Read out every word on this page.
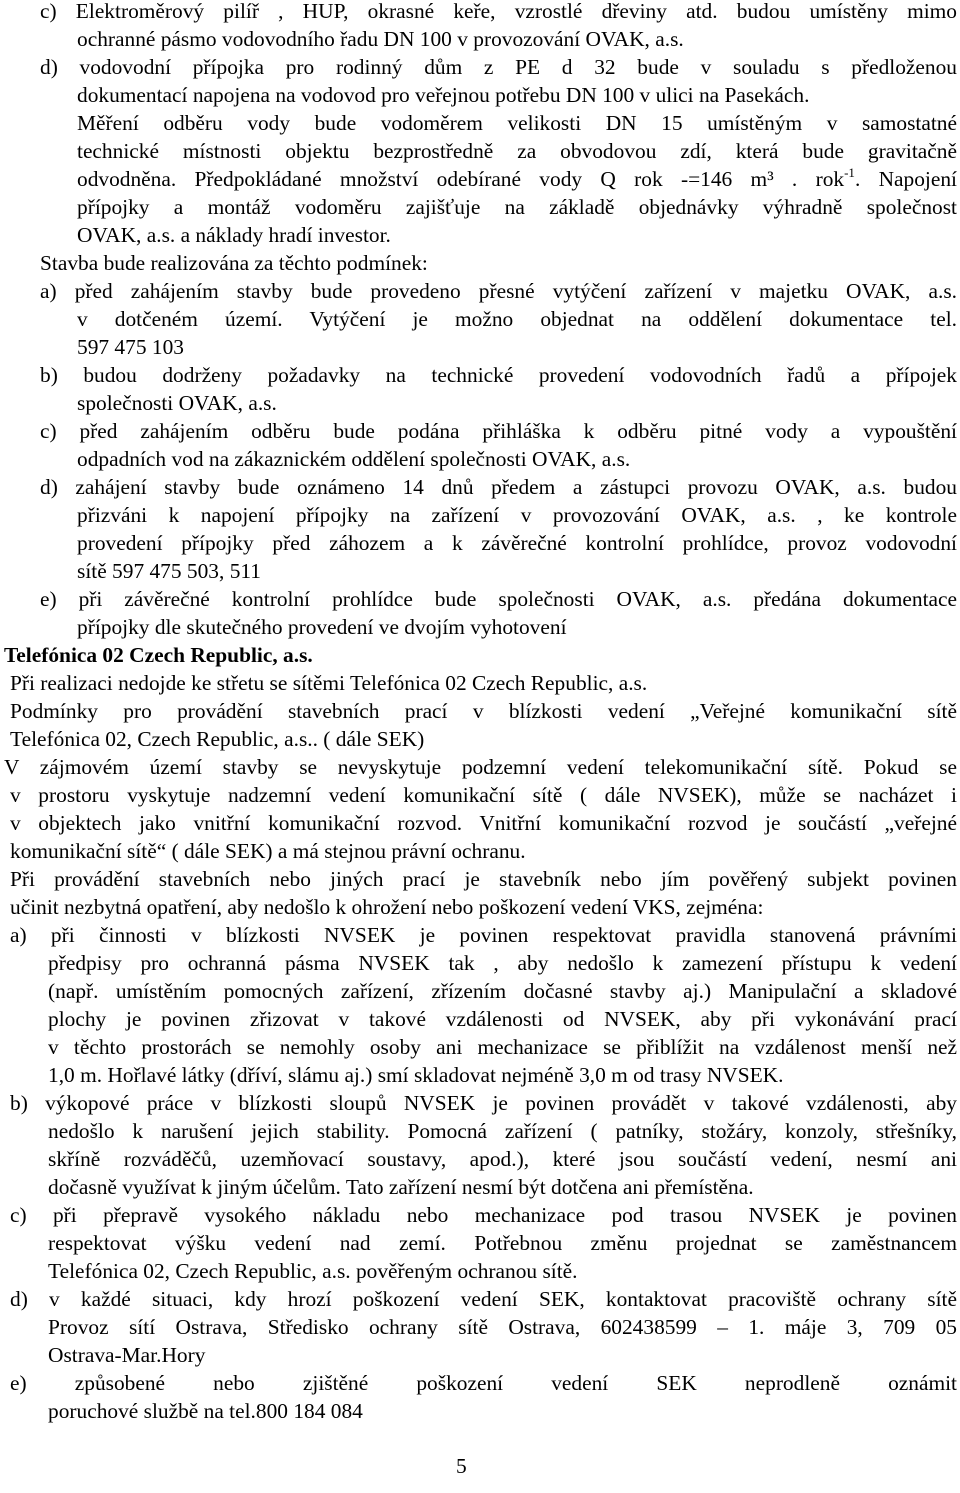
c) Elektroměrový pilíř , HUP, okrasné keře, vzrostlé dřeviny atd. budou umístěny mimo
ochranné pásmo vodovodního řadu DN 100 v provozování OVAK, a.s.
d) vodovodní přípojka pro rodinný dům z PE d 32 bude v souladu s předloženou
dokumentací napojena na vodovod pro veřejnou potřebu DN 100 v ulici na Pasekách.
Měření odběru vody bude vodoměrem velikosti DN 15 umístěným v samostatné
technické místnosti objektu bezprostředně za obvodovou zdí, která bude gravitačně
odvodněna. Předpokládané množství odebírané vody Q rok -=146 m³ . rok$^{-1}$. Napojení
přípojky a montáž vodoměru zajišťuje na základě objednávky výhradně společnost
OVAK, a.s. a náklady hradí investor.
Stavba bude realizována za těchto podmínek:
a) před zahájením stavby bude provedeno přesné vytýčení zařízení v majetku OVAK, a.s.
v dotčeném území. Vytýčení je možno objednat na oddělení dokumentace tel.
597 475 103
b) budou dodrženy požadavky na technické provedení vodovodních řadů a přípojek
společnosti OVAK, a.s.
c) před zahájením odběru bude podána přihláška k odběru pitné vody a vypouštění
odpadních vod na zákaznickém oddělení společnosti OVAK, a.s.
d) zahájení stavby bude oznámeno 14 dnů předem a zástupci provozu OVAK, a.s. budou
přizváni k napojení přípojky na zařízení v provozování OVAK, a.s. , ke kontrole
provedení přípojky před záhozem a k závěrečné kontrolní prohlídce, provoz vodovodní
sítě 597 475 503, 511
e) při závěrečné kontrolní prohlídce bude společnosti OVAK, a.s. předána dokumentace
přípojky dle skutečného provedení ve dvojím vyhotovení
Telefónica 02 Czech Republic, a.s.
Při realizaci nedojde ke střetu se sítěmi Telefónica 02 Czech Republic, a.s.
Podmínky pro provádění stavebních prací v blízkosti vedení „Veřejné komunikační sítě
Telefónica 02, Czech Republic, a.s.. ( dále SEK)
V zájmovém území stavby se nevyskytuje podzemní vedení telekomunikační sítě. Pokud se
v prostoru vyskytuje nadzemní vedení komunikační sítě ( dále NVSEK), může se nacházet i
v objektech jako vnitřní komunikační rozvod. Vnitřní komunikační rozvod je součástí „veřejné
komunikační sítě“ ( dále SEK) a má stejnou právní ochranu.
Při provádění stavebních nebo jiných prací je stavebník nebo jím pověřený subjekt povinen
učinit nezbytná opatření, aby nedošlo k ohrožení nebo poškození vedení VKS, zejména:
a) při činnosti v blízkosti NVSEK je povinen respektovat pravidla stanovená právními
předpisy pro ochranná pásma NVSEK tak , aby nedošlo k zamezení přístupu k vedení
(např. umístěním pomocných zařízení, zřízením dočasné stavby aj.) Manipulační a skladové
plochy je povinen zřizovat v takové vzdálenosti od NVSEK, aby při vykonávání prací
v těchto prostorách se nemohly osoby ani mechanizace se přiblížit na vzdálenost menší než
1,0 m. Hořlavé látky (dříví, slámu aj.) smí skladovat nejméně 3,0 m od trasy NVSEK.
b) výkopové práce v blízkosti sloupů NVSEK je povinen provádět v takové vzdálenosti, aby
nedošlo k narušení jejich stability. Pomocná zařízení ( patníky, stožáry, konzoly, střešníky,
skříně rozváděčů, uzemňovací soustavy, apod.), které jsou součástí vedení, nesmí ani
dočasně využívat k jiným účelům. Tato zařízení nesmí být dotčena ani přemístěna.
c) při přepravě vysokého nákladu nebo mechanizace pod trasou NVSEK je povinen
respektovat výšku vedení nad zemí. Potřebnou změnu projednat se zaměstnancem
Telefónica 02, Czech Republic, a.s. pověřeným ochranou sítě.
d) v každé situaci, kdy hrozí poškození vedení SEK, kontaktovat pracoviště ochrany sítě
Provoz sítí Ostrava, Středisko ochrany sítě Ostrava, 602438599 – 1. máje 3, 709 05
Ostrava-Mar.Hory
e) způsobené nebo zjištěné poškození vedení SEK neprodleně oznámit
poruchové službě na tel.800 184 084
5
